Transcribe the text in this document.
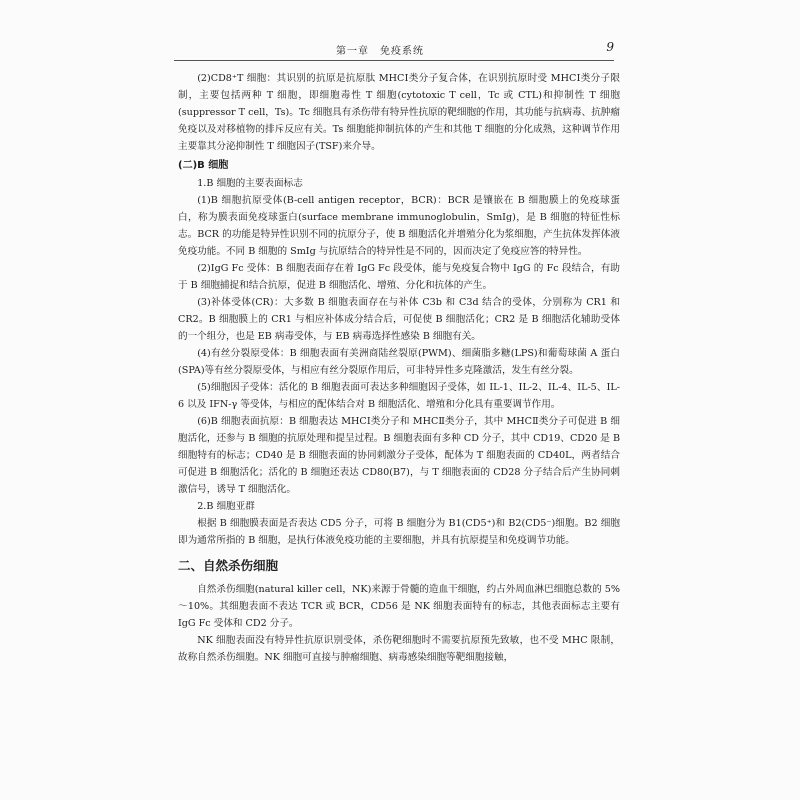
第一章　免疫系统	9

(2)CD8⁺T 细胞：其识别的抗原是抗原肽 MHCⅠ类分子复合体，在识别抗原时受 MHCⅠ类分子限制，主要包括两种 T 细胞，即细胞毒性 T 细胞(cytotoxic T cell，Tc 或 CTL)和抑制性 T 细胞(suppressor T cell，Ts)。Tc 细胞具有杀伤带有特异性抗原的靶细胞的作用，其功能与抗病毒、抗肿瘤免疫以及对移植物的排斥反应有关。Ts 细胞能抑制抗体的产生和其他 T 细胞的分化成熟，这种调节作用主要靠其分泌抑制性 T 细胞因子(TSF)来介导。

(二)B 细胞
1.B 细胞的主要表面标志

(1)B 细胞抗原受体(B-cell antigen receptor，BCR)：BCR 是镶嵌在 B 细胞膜上的免疫球蛋白，称为膜表面免疫球蛋白(surface membrane immunoglobulin，SmIg)，是 B 细胞的特征性标志。BCR 的功能是特异性识别不同的抗原分子，使 B 细胞活化并增殖分化为浆细胞，产生抗体发挥体液免疫功能。不同 B 细胞的 SmIg 与抗原结合的特异性是不同的，因而决定了免疫应答的特异性。

(2)IgG Fc 受体：B 细胞表面存在着 IgG Fc 段受体，能与免疫复合物中 IgG 的 Fc 段结合，有助于 B 细胞捕捉和结合抗原，促进 B 细胞活化、增殖、分化和抗体的产生。

(3)补体受体(CR)：大多数 B 细胞表面存在与补体 C3b 和 C3d 结合的受体，分别称为 CR1 和 CR2。B 细胞膜上的 CR1 与相应补体成分结合后，可促使 B 细胞活化；CR2 是 B 细胞活化辅助受体的一个组分，也是 EB 病毒受体，与 EB 病毒选择性感染 B 细胞有关。

(4)有丝分裂原受体：B 细胞表面有美洲商陆丝裂原(PWM)、细菌脂多糖(LPS)和葡萄球菌 A 蛋白(SPA)等有丝分裂原受体，与相应有丝分裂原作用后，可非特异性多克隆激活，发生有丝分裂。

(5)细胞因子受体：活化的 B 细胞表面可表达多种细胞因子受体，如 IL-1、IL-2、IL-4、IL-5、IL-6 以及 IFN-γ 等受体，与相应的配体结合对 B 细胞活化、增殖和分化具有重要调节作用。

(6)B 细胞表面抗原：B 细胞表达 MHCⅠ类分子和 MHCⅡ类分子，其中 MHCⅡ类分子可促进 B 细胞活化，还参与 B 细胞的抗原处理和提呈过程。B 细胞表面有多种 CD 分子，其中 CD19、CD20 是 B 细胞特有的标志；CD40 是 B 细胞表面的协同刺激分子受体，配体为 T 细胞表面的 CD40L，两者结合可促进 B 细胞活化；活化的 B 细胞还表达 CD80(B7)，与 T 细胞表面的 CD28 分子结合后产生协同刺激信号，诱导 T 细胞活化。

2.B 细胞亚群

根据 B 细胞膜表面是否表达 CD5 分子，可将 B 细胞分为 B1(CD5⁺)和 B2(CD5⁻)细胞。B2 细胞即为通常所指的 B 细胞，是执行体液免疫功能的主要细胞，并具有抗原提呈和免疫调节功能。

二、自然杀伤细胞

自然杀伤细胞(natural killer cell，NK)来源于骨髓的造血干细胞，约占外周血淋巴细胞总数的 5%～10%。其细胞表面不表达 TCR 或 BCR，CD56 是 NK 细胞表面特有的标志，其他表面标志主要有 IgG Fc 受体和 CD2 分子。

NK 细胞表面没有特异性抗原识别受体，杀伤靶细胞时不需要抗原预先致敏，也不受 MHC 限制，故称自然杀伤细胞。NK 细胞可直接与肿瘤细胞、病毒感染细胞等靶细胞接触，
